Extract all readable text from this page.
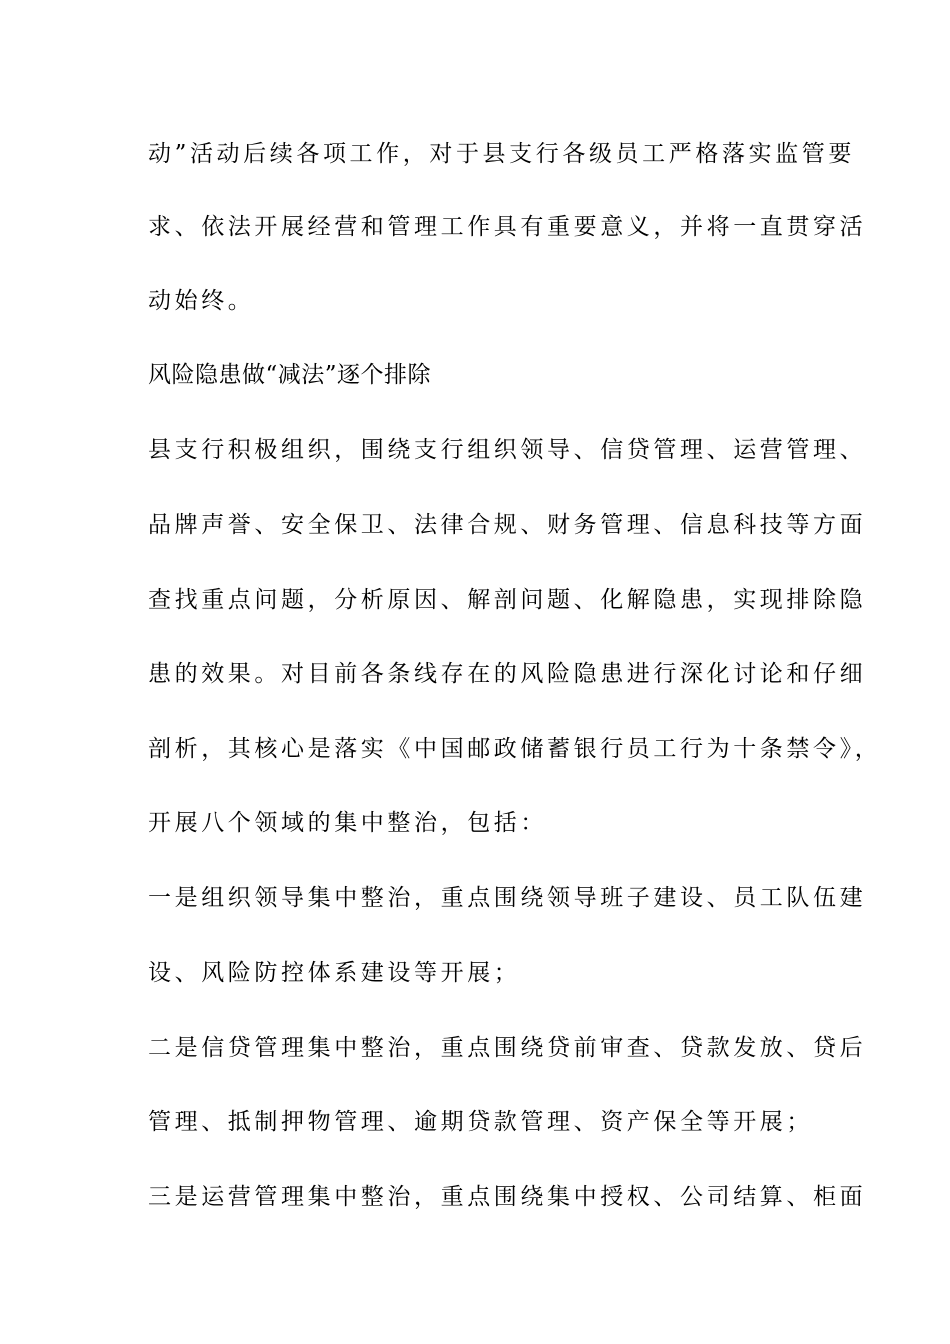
动”活动后续各项工作，对于县支行各级员工严格落实监管要
求、依法开展经营和管理工作具有重要意义，并将一直贯穿活
动始终。
风险隐患做“减法”逐个排除
县支行积极组织，围绕支行组织领导、信贷管理、运营管理、
品牌声誉、安全保卫、法律合规、财务管理、信息科技等方面
查找重点问题，分析原因、解剖问题、化解隐患，实现排除隐
患的效果。对目前各条线存在的风险隐患进行深化讨论和仔细
剖析，其核心是落实《中国邮政储蓄银行员工行为十条禁令》，
开展八个领域的集中整治，包括：
一是组织领导集中整治，重点围绕领导班子建设、员工队伍建
设、风险防控体系建设等开展；
二是信贷管理集中整治，重点围绕贷前审查、贷款发放、贷后
管理、抵制押物管理、逾期贷款管理、资产保全等开展；
三是运营管理集中整治，重点围绕集中授权、公司结算、柜面
